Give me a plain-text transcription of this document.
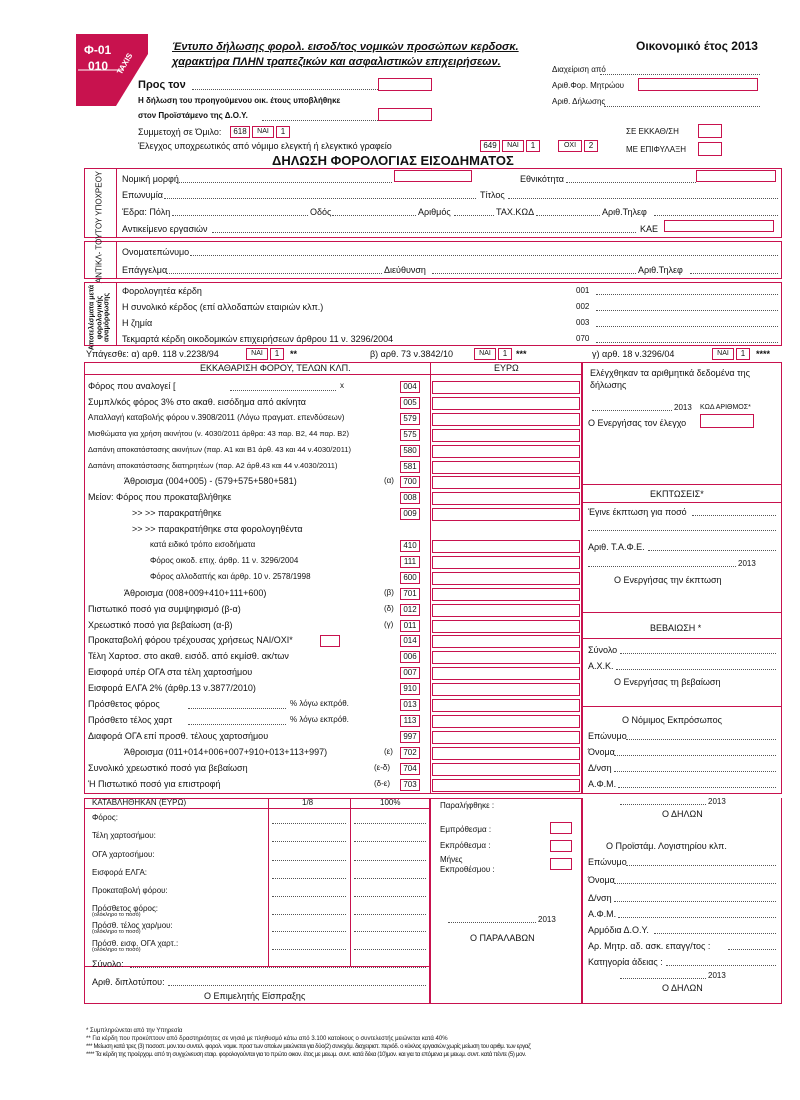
Φ-01
010 TAXIS
Έντυπο δήλωσης φορολ. εισοδ/τος νομικών προσώπων κερδοσκ.
χαρακτήρα ΠΛΗΝ τραπεζικών και ασφαλιστικών επιχειρήσεων.
Οικονομικό έτος 2013
Προς τον
Η δήλωση του προηγούμενου οικ. έτους υποβλήθηκε
στον Προϊστάμενο της Δ.Ο.Υ.
Διαχείριση από
Αριθ.Φορ. Μητρώου
Αριθ. Δήλωσης
Συμμετοχή σε Όμιλο:	618	ΝΑΙ	1
Έλεγχος υποχρεωτικός από νόμιμο ελεγκτή ή ελεγκτικό γραφείο	649	ΝΑΙ	1	ΟΧΙ	2
ΣΕ ΕΚΚΑΘ/ΣΗ
ΜΕ ΕΠΙΦΥΛΑΞΗ
ΔΗΛΩΣΗ ΦΟΡΟΛΟΓΙΑΣ ΕΙΣΟΔΗΜΑΤΟΣ
ΤΟΥ ΥΠΟΧΡΕΟΥ Νομική μορφή	Εθνικότητα
Επωνυμία	Τίτλος
Έδρα: Πόλη	Οδός	Αριθμός	ΤΑΧ.ΚΩΔ	Αριθ.Τηλεφ
Αντικείμενο εργασιών	ΚΑΕ
ΑΝΤΙΚΛ- ΤΟΥ Ονοματεπώνυμο
Επάγγελμα	Διεύθυνση	Αριθ.Τηλεφ
Αποτελέσματα μετά φορολογικής αναμόρφωσης
Φορολογητέα κέρδη	001
Η συνολικό κέρδος (επί αλλοδαπών εταιριών κλπ.)	002
Η ζημία	003
Τεκμαρτά κέρδη οικοδομικών επιχειρήσεων άρθρου 11 ν. 3296/2004	070
Υπάγεσθε: α) αρθ. 118 ν.2238/94	ΝΑΙ	1	**	β) αρθ. 73 ν.3842/10	ΝΑΙ	1 ***	γ) αρθ. 18 ν.3296/04	ΝΑΙ	1	****
ΕΚΚΑΘΑΡΙΣΗ ΦΟΡΟΥ, ΤΕΛΩΝ ΚΛΠ.	ΕΥΡΩ
Φόρος που αναλογεί [	x	004
Συμπλ/κός φόρος 3% στο ακαθ. εισόδημα από ακίνητα	005
Απαλλαγή καταβολής φόρου ν.3908/2011 (Λόγω πραγματ. επενδύσεων)	579
Μισθώματα για χρήση ακινήτου (ν. 4030/2011 άρθρα: 43 παρ. Β2, 44 παρ. Β2)	575
Δαπάνη αποκατάστασης ακινήτων (παρ. Α1 και Β1 άρθ. 43 και 44 ν.4030/2011)	580
Δαπάνη αποκατάστασης διατηρητέων (παρ. Α2 άρθ.43 και 44 ν.4030/2011)	581
Άθροισμα (004+005) - (579+575+580+581)	(α)	700
Μείον: Φόρος που προκαταβλήθηκε	008
>> >> παρακρατήθηκε	009
>> >> παρακρατήθηκε στα φορολογηθέντα
κατά ειδικό τρόπο εισοδήματα	410
Φόρος οικοδ. επιχ. άρθρ. 11 ν. 3296/2004	111
Φόρος αλλοδαπής και άρθρ. 10 ν. 2578/1998	600
Άθροισμα (008+009+410+111+600)	(β)	701
Πιστωτικό ποσό για συμψηφισμό (β-α)	(δ)	012
Χρεωστικό ποσό για βεβαίωση (α-β)	(γ)	011
Προκαταβολή φόρου τρέχουσας χρήσεως ΝΑΙ/ΟΧΙ*	014
Τέλη Χαρτοσ. στο ακαθ. εισόδ. από εκμίσθ. ακ/των	006
Εισφορά υπέρ ΟΓΑ στα τέλη χαρτοσήμου	007
Εισφορά ΕΛΓΑ 2% (άρθρ.13 ν.3877/2010)	910
Πρόσθετος φόρος	% λόγω εκπρόθ.	013
Πρόσθετο τέλος χαρτ	% λόγω εκπρόθ.	113
Διαφορά ΟΓΑ επί προσθ. τέλους χαρτοσήμου	997
Άθροισμα (011+014+006+007+910+013+113+997)	(ε)	702
Συνολικό χρεωστικό ποσό για βεβαίωση	(ε-δ)	704
Ή Πιστωτικό ποσό για επιστροφή	(δ-ε)	703
Ελέγχθηκαν τα αριθμητικά δεδομένα της δήλωσης
2013 ΚΩΔ ΑΡΙΘΜΟΣ*
Ο Ενεργήσας τον έλεγχο
ΕΚΠΤΩΣΕΙΣ*
Έγινε έκπτωση για ποσό
Αριθ. Τ.Α.Φ.Ε.
2013
Ο Ενεργήσας την έκπτωση
ΒΕΒΑΙΩΣΗ *
Σύνολο
Α.Χ.Κ.
Ο Ενεργήσας τη βεβαίωση
Ο Νόμιμος Εκπρόσωπος
Επώνυμο
Όνομα
Δ/νση
Α.Φ.Μ.
2013
Ο ΔΗΛΩΝ
ΚΑΤΑΒΛΗΘΗΚΑΝ (ΕΥΡΩ)	1/8	100%
Φόρος:
Τέλη χαρτοσήμου:
ΟΓΑ χαρτοσήμου:
Εισφορά ΕΛΓΑ:
Προκαταβολή φόρου:
Πρόσθετος φόρος:
(ολόκληρο το ποσό)
Πρόσθ. τέλος χαρ/μου:
(ολόκληρο το ποσό)
Πρόσθ. εισφ. ΟΓΑ χαρτ.:
(ολόκληρο το ποσό)
Σύνολο:
Αριθ. διπλοτύπου:
Ο Επιμελητής Είσπραξης
Παραλήφθηκε :
Εμπρόθεσμα :
Εκπρόθεσμα :
Μήνες
Εκπροθέσμου :
2013
Ο ΠΑΡΑΛΑΒΩΝ
Ο Προϊστάμ. Λογιστηρίου κλπ.
Επώνυμο
Όνομα
Δ/νση
Α.Φ.Μ.
Αρμόδια Δ.Ο.Υ.
Αρ. Μητρ. αδ. ασκ. επαγγ/τος :
Κατηγορία άδειας :
2013
Ο ΔΗΛΩΝ
* Συμπληρώνεται από την Υπηρεσία
** Για κέρδη που προκύπτουν από δραστηριότητες σε νησιά με πληθυσμό κάτω από 3.100 κατοίκους ο συντελεστής μειώνεται κατά 40%
*** Μείωση κατά τρες (3) ποσοστ. μον.του συντελ. φορολ. νομικ. προσ των οποίων μειώνεται για δύο(2) συνεχόμ. διαχειριστ. περιόδ. ο κύκλος εργασιών,χωρίς μείωση του αριθμ. των εργαζ
**** Τα κέρδη της προέρχομ. από τη συγχώνευση εταιρ. φορολογούνται για το πρώτο οικον. έτος με μειωμ. συντ. κατά δέκα (10)μον. και για τα επόμενα με μειωμ. συντ. κατά πέντε (5) μον.
